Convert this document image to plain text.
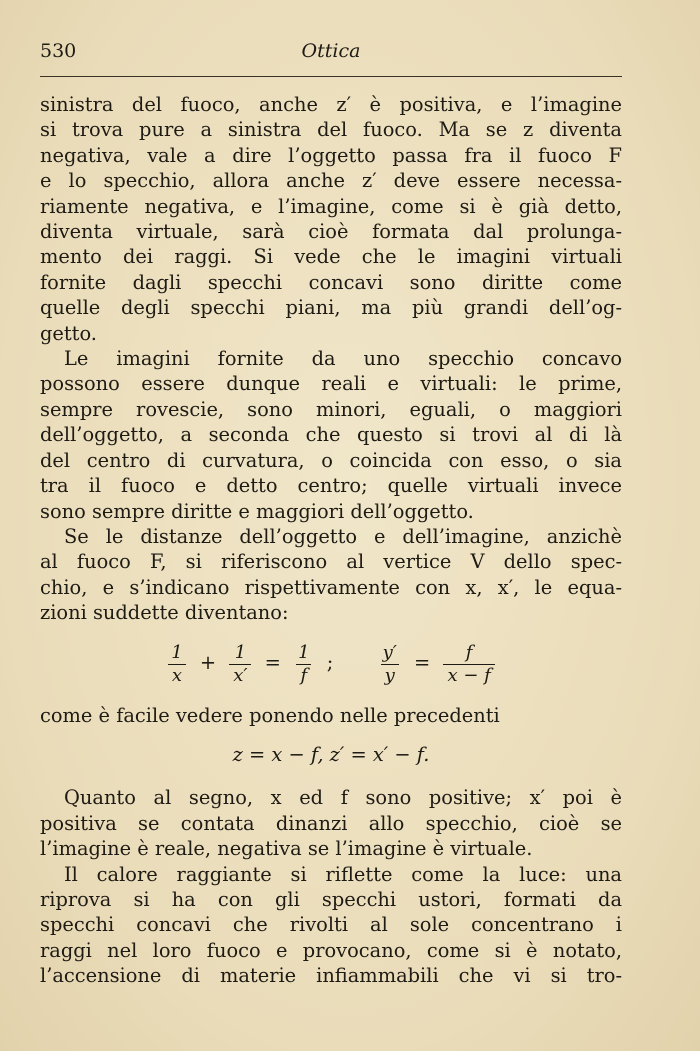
530	Ottica
sinistra del fuoco, anche z′ è positiva, e l’imagine
si trova pure a sinistra del fuoco. Ma se z diventa
negativa, vale a dire l’oggetto passa fra il fuoco F
e lo specchio, allora anche z′ deve essere necessa-
riamente negativa, e l’imagine, come si è già detto,
diventa virtuale, sarà cioè formata dal prolunga-
mento dei raggi. Si vede che le imagini virtuali
fornite dagli specchi concavi sono diritte come
quelle degli specchi piani, ma più grandi dell’og-
getto.
Le imagini fornite da uno specchio concavo
possono essere dunque reali e virtuali: le prime,
sempre rovescie, sono minori, eguali, o maggiori
dell’oggetto, a seconda che questo si trovi al di là
del centro di curvatura, o coincida con esso, o sia
tra il fuoco e detto centro; quelle virtuali invece
sono sempre diritte e maggiori dell’oggetto.
Se le distanze dell’oggetto e dell’imagine, anzichè
al fuoco F, si riferiscono al vertice V dello spec-
chio, e s’indicano rispettivamente con x, x′, le equa-
zioni suddette diventano:
$\frac{1}{x} + \frac{1}{x'} = \frac{1}{f}$ ;	$\frac{y'}{y} = \frac{f}{x - f}$
come è facile vedere ponendo nelle precedenti
z = x − f, z′ = x′ − f.
Quanto al segno, x ed f sono positive; x′ poi è
positiva se contata dinanzi allo specchio, cioè se
l’imagine è reale, negativa se l’imagine è virtuale.
Il calore raggiante si riflette come la luce: una
riprova si ha con gli specchi ustori, formati da
specchi concavi che rivolti al sole concentrano i
raggi nel loro fuoco e provocano, come si è notato,
l’accensione di materie infiammabili che vi si tro-
